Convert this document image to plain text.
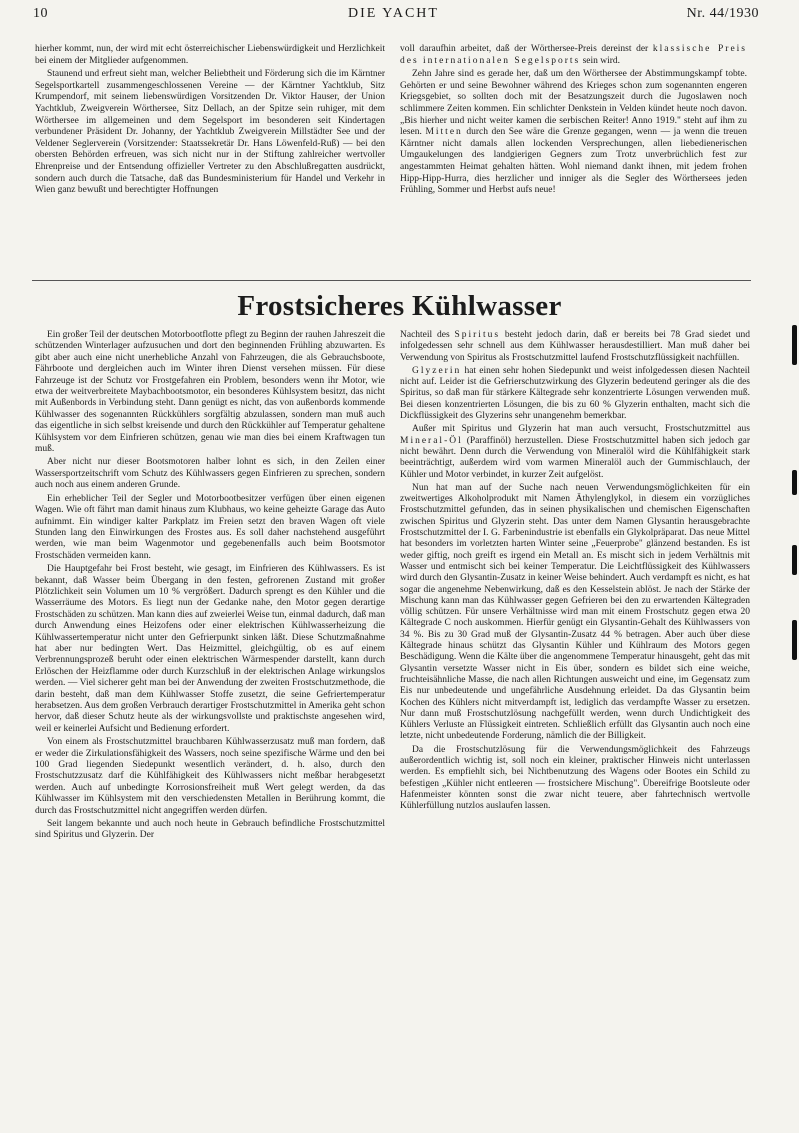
10	DIE YACHT	Nr. 44/1930

hierher kommt, nun, der wird mit echt österreichischer Liebenswürdigkeit und Herzlichkeit bei einem der Mitglieder aufgenommen.

Staunend und erfreut sieht man, welcher Beliebtheit und Förderung sich die im Kärntner Segelsportkartell zusammengeschlossenen Vereine — der Kärntner Yachtklub, Sitz Krumpendorf, mit seinem liebenswürdigen Vorsitzenden Dr. Viktor Hauser, der Union Yachtklub, Zweigverein Wörthersee, Sitz Dellach, an der Spitze sein ruhiger, mit dem Wörthersee im allgemeinen und dem Segelsport im besonderen seit Kindertagen verbundener Präsident Dr. Johanny, der Yachtklub Zweigverein Millstädter See und der Veldener Seglerverein (Vorsitzender: Staatssekretär Dr. Hans Löwenfeld-Ruß) — bei den obersten Behörden erfreuen, was sich nicht nur in der Stiftung zahlreicher wertvoller Ehrenpreise und der Entsendung offizieller Vertreter zu den Abschlußregatten ausdrückt, sondern auch durch die Tatsache, daß das Bundesministerium für Handel und Verkehr in Wien ganz bewußt und berechtigter Hoffnungen

voll daraufhin arbeitet, daß der Wörthersee-Preis dereinst der klassische Preis des internationalen Segelsports sein wird.

Zehn Jahre sind es gerade her, daß um den Wörthersee der Abstimmungskampf tobte. Gehörten er und seine Bewohner während des Krieges schon zum sogenannten engeren Kriegsgebiet, so sollten doch mit der Besatzungszeit durch die Jugoslawen noch schlimmere Zeiten kommen. Ein schlichter Denkstein in Velden kündet heute noch davon. „Bis hierher und nicht weiter kamen die serbischen Reiter! Anno 1919." steht auf ihm zu lesen. Mitten durch den See wäre die Grenze gegangen, wenn — ja wenn die treuen Kärntner nicht damals allen lockenden Versprechungen, allen liebedienerischen Umgaukelungen des landgierigen Gegners zum Trotz unverbrüchlich fest zur angestammten Heimat gehalten hätten. Wohl niemand dankt ihnen, mit jedem frohen Hipp-Hipp-Hurra, dies herzlicher und inniger als die Segler des Wörthersees jeden Frühling, Sommer und Herbst aufs neue!

Frostsicheres Kühlwasser

Ein großer Teil der deutschen Motorbootflotte pflegt zu Beginn der rauhen Jahreszeit die schützenden Winterlager aufzusuchen und dort den beginnenden Frühling abzuwarten. Es gibt aber auch eine nicht unerhebliche Anzahl von Fahrzeugen, die als Gebrauchsboote, Fährboote und dergleichen auch im Winter ihren Dienst versehen müssen. Für diese Fahrzeuge ist der Schutz vor Frostgefahren ein Problem, besonders wenn ihr Motor, wie etwa der weitverbreitete Maybachbootsmotor, ein besonderes Kühlsystem besitzt, das nicht mit Außenbords in Verbindung steht. Dann genügt es nicht, das von außenbords kommende Kühlwasser des sogenannten Rückkühlers sorgfältig abzulassen, sondern man muß auch das eigentliche in sich selbst kreisende und durch den Rückkühler auf Temperatur gehaltene Kühlsystem vor dem Einfrieren schützen, genau wie man dies bei einem Kraftwagen tun muß.

Aber nicht nur dieser Bootsmotoren halber lohnt es sich, in den Zeilen einer Wassersportzeitschrift vom Schutz des Kühlwassers gegen Einfrieren zu sprechen, sondern auch noch aus einem anderen Grunde.

Ein erheblicher Teil der Segler und Motorbootbesitzer verfügen über einen eigenen Wagen. Wie oft fährt man damit hinaus zum Klubhaus, wo keine geheizte Garage das Auto aufnimmt. Ein windiger kalter Parkplatz im Freien setzt den braven Wagen oft viele Stunden lang den Einwirkungen des Frostes aus. Es soll daher nachstehend ausgeführt werden, wie man beim Wagenmotor und gegebenenfalls auch beim Bootsmotor Frostschäden vermeiden kann.

Die Hauptgefahr bei Frost besteht, wie gesagt, im Einfrieren des Kühlwassers. Es ist bekannt, daß Wasser beim Übergang in den festen, gefrorenen Zustand mit großer Plötzlichkeit sein Volumen um 10 % vergrößert. Dadurch sprengt es den Kühler und die Wasserräume des Motors. Es liegt nun der Gedanke nahe, den Motor gegen derartige Frostschäden zu schützen. Man kann dies auf zweierlei Weise tun, einmal dadurch, daß man durch Anwendung eines Heizofens oder einer elektrischen Kühlwasserheizung die Kühlwassertemperatur nicht unter den Gefrierpunkt sinken läßt. Diese Schutzmaßnahme hat aber nur bedingten Wert. Das Heizmittel, gleichgültig, ob es auf einem Verbrennungsprozeß beruht oder einen elektrischen Wärmespender darstellt, kann durch Erlöschen der Heizflamme oder durch Kurzschluß in der elektrischen Anlage wirkungslos werden. — Viel sicherer geht man bei der Anwendung der zweiten Frostschutzmethode, die darin besteht, daß man dem Kühlwasser Stoffe zusetzt, die seine Gefriertemperatur herabsetzen. Aus dem großen Verbrauch derartiger Frostschutzmittel in Amerika geht schon hervor, daß dieser Schutz heute als der wirkungsvollste und praktischste angesehen wird, weil er keinerlei Aufsicht und Bedienung erfordert.

Von einem als Frostschutzmittel brauchbaren Kühlwasserzusatz muß man fordern, daß er weder die Zirkulationsfähigkeit des Wassers, noch seine spezifische Wärme und den bei 100 Grad liegenden Siedepunkt wesentlich verändert, d. h. also, durch den Frostschutzzusatz darf die Kühlfähigkeit des Kühlwassers nicht meßbar herabgesetzt werden. Auch auf unbedingte Korrosionsfreiheit muß Wert gelegt werden, da das Kühlwasser im Kühlsystem mit den verschiedensten Metallen in Berührung kommt, die durch das Frostschutzmittel nicht angegriffen werden dürfen.

Seit langem bekannte und auch noch heute in Gebrauch befindliche Frostschutzmittel sind Spiritus und Glyzerin. Der

Nachteil des Spiritus besteht jedoch darin, daß er bereits bei 78 Grad siedet und infolgedessen sehr schnell aus dem Kühlwasser herausdestilliert. Man muß daher bei Verwendung von Spiritus als Frostschutzmittel laufend Frostschutzflüssigkeit nachfüllen.

Glyzerin hat einen sehr hohen Siedepunkt und weist infolgedessen diesen Nachteil nicht auf. Leider ist die Gefrierschutzwirkung des Glyzerin bedeutend geringer als die des Spiritus, so daß man für stärkere Kältegrade sehr konzentrierte Lösungen verwenden muß. Bei diesen konzentrierten Lösungen, die bis zu 60 % Glyzerin enthalten, macht sich die Dickflüssigkeit des Glyzerins sehr unangenehm bemerkbar.

Außer mit Spiritus und Glyzerin hat man auch versucht, Frostschutzmittel aus Mineral-Öl (Paraffinöl) herzustellen. Diese Frostschutzmittel haben sich jedoch gar nicht bewährt. Denn durch die Verwendung von Mineralöl wird die Kühlfähigkeit stark beeinträchtigt, außerdem wird vom warmen Mineralöl auch der Gummischlauch, der Kühler und Motor verbindet, in kurzer Zeit aufgelöst.

Nun hat man auf der Suche nach neuen Verwendungsmöglichkeiten für ein zweitwertiges Alkoholprodukt mit Namen Äthylenglykol, in diesem ein vorzügliches Frostschutzmittel gefunden, das in seinen physikalischen und chemischen Eigenschaften zwischen Spiritus und Glyzerin steht. Das unter dem Namen Glysantin herausgebrachte Frostschutzmittel der I. G. Farbenindustrie ist ebenfalls ein Glykolpräparat. Das neue Mittel hat besonders im vorletzten harten Winter seine „Feuerprobe" glänzend bestanden. Es ist weder giftig, noch greift es irgend ein Metall an. Es mischt sich in jedem Verhältnis mit Wasser und entmischt sich bei keiner Temperatur. Die Leichtflüssigkeit des Kühlwassers wird durch den Glysantin-Zusatz in keiner Weise behindert. Auch verdampft es nicht, es hat sogar die angenehme Nebenwirkung, daß es den Kesselstein ablöst. Je nach der Stärke der Mischung kann man das Kühlwasser gegen Gefrieren bei den zu erwartenden Kältegraden völlig schützen. Für unsere Verhältnisse wird man mit einem Frostschutz gegen etwa 20 Kältegrade C noch auskommen. Hierfür genügt ein Glysantin-Gehalt des Kühlwassers von 34 %. Bis zu 30 Grad muß der Glysantin-Zusatz 44 % betragen. Aber auch über diese Kältegrade hinaus schützt das Glysantin Kühler und Kühlraum des Motors gegen Beschädigung. Wenn die Kälte über die angenommene Temperatur hinausgeht, geht das mit Glysantin versetzte Wasser nicht in Eis über, sondern es bildet sich eine weiche, fruchteisähnliche Masse, die nach allen Richtungen ausweicht und eine, im Gegensatz zum Eis nur unbedeutende und ungefährliche Ausdehnung erleidet. Da das Glysantin beim Kochen des Kühlers nicht mitverdampft ist, lediglich das verdampfte Wasser zu ersetzen. Nur dann muß Frostschutzlösung nachgefüllt werden, wenn durch Undichtigkeit des Kühlers Verluste an Flüssigkeit eintreten. Schließlich erfüllt das Glysantin auch noch eine letzte, nicht unbedeutende Forderung, nämlich die der Billigkeit.

Da die Frostschutzlösung für die Verwendungsmöglichkeit des Fahrzeugs außerordentlich wichtig ist, soll noch ein kleiner, praktischer Hinweis nicht unterlassen werden. Es empfiehlt sich, bei Nichtbenutzung des Wagens oder Bootes ein Schild zu befestigen „Kühler nicht entleeren — frostsichere Mischung". Übereifrige Bootsleute oder Hafenmeister könnten sonst die zwar nicht teuere, aber fahrtechnisch wertvolle Kühlerfüllung nutzlos auslaufen lassen.
